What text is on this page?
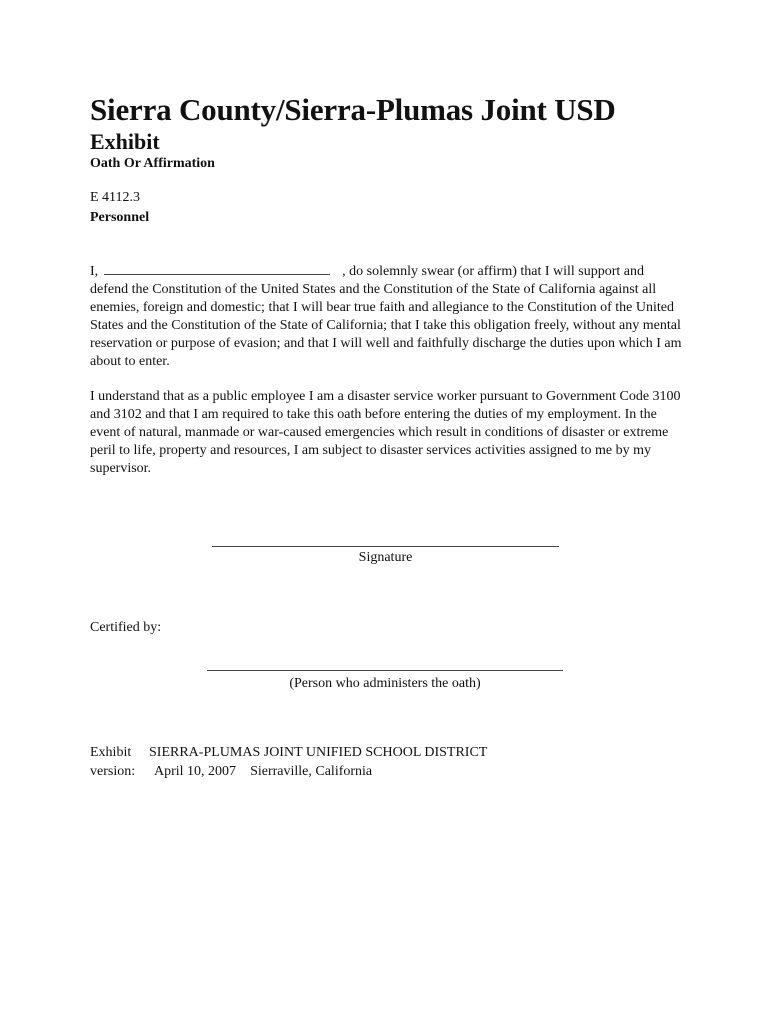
Sierra County/Sierra-Plumas Joint USD
Exhibit
Oath Or Affirmation
E 4112.3
Personnel
I,	, do solemnly swear (or affirm) that I will support and defend the Constitution of the United States and the Constitution of the State of California against all enemies, foreign and domestic; that I will bear true faith and allegiance to the Constitution of the United States and the Constitution of the State of California; that I take this obligation freely, without any mental reservation or purpose of evasion; and that I will well and faithfully discharge the duties upon which I am about to enter.
I understand that as a public employee I am a disaster service worker pursuant to Government Code 3100 and 3102 and that I am required to take this oath before entering the duties of my employment. In the event of natural, manmade or war-caused emergencies which result in conditions of disaster or extreme peril to life, property and resources, I am subject to disaster services activities assigned to me by my supervisor.
Signature
Certified by:
(Person who administers the oath)
Exhibit SIERRA-PLUMAS JOINT UNIFIED SCHOOL DISTRICT
version: April 10, 2007 Sierraville, California
